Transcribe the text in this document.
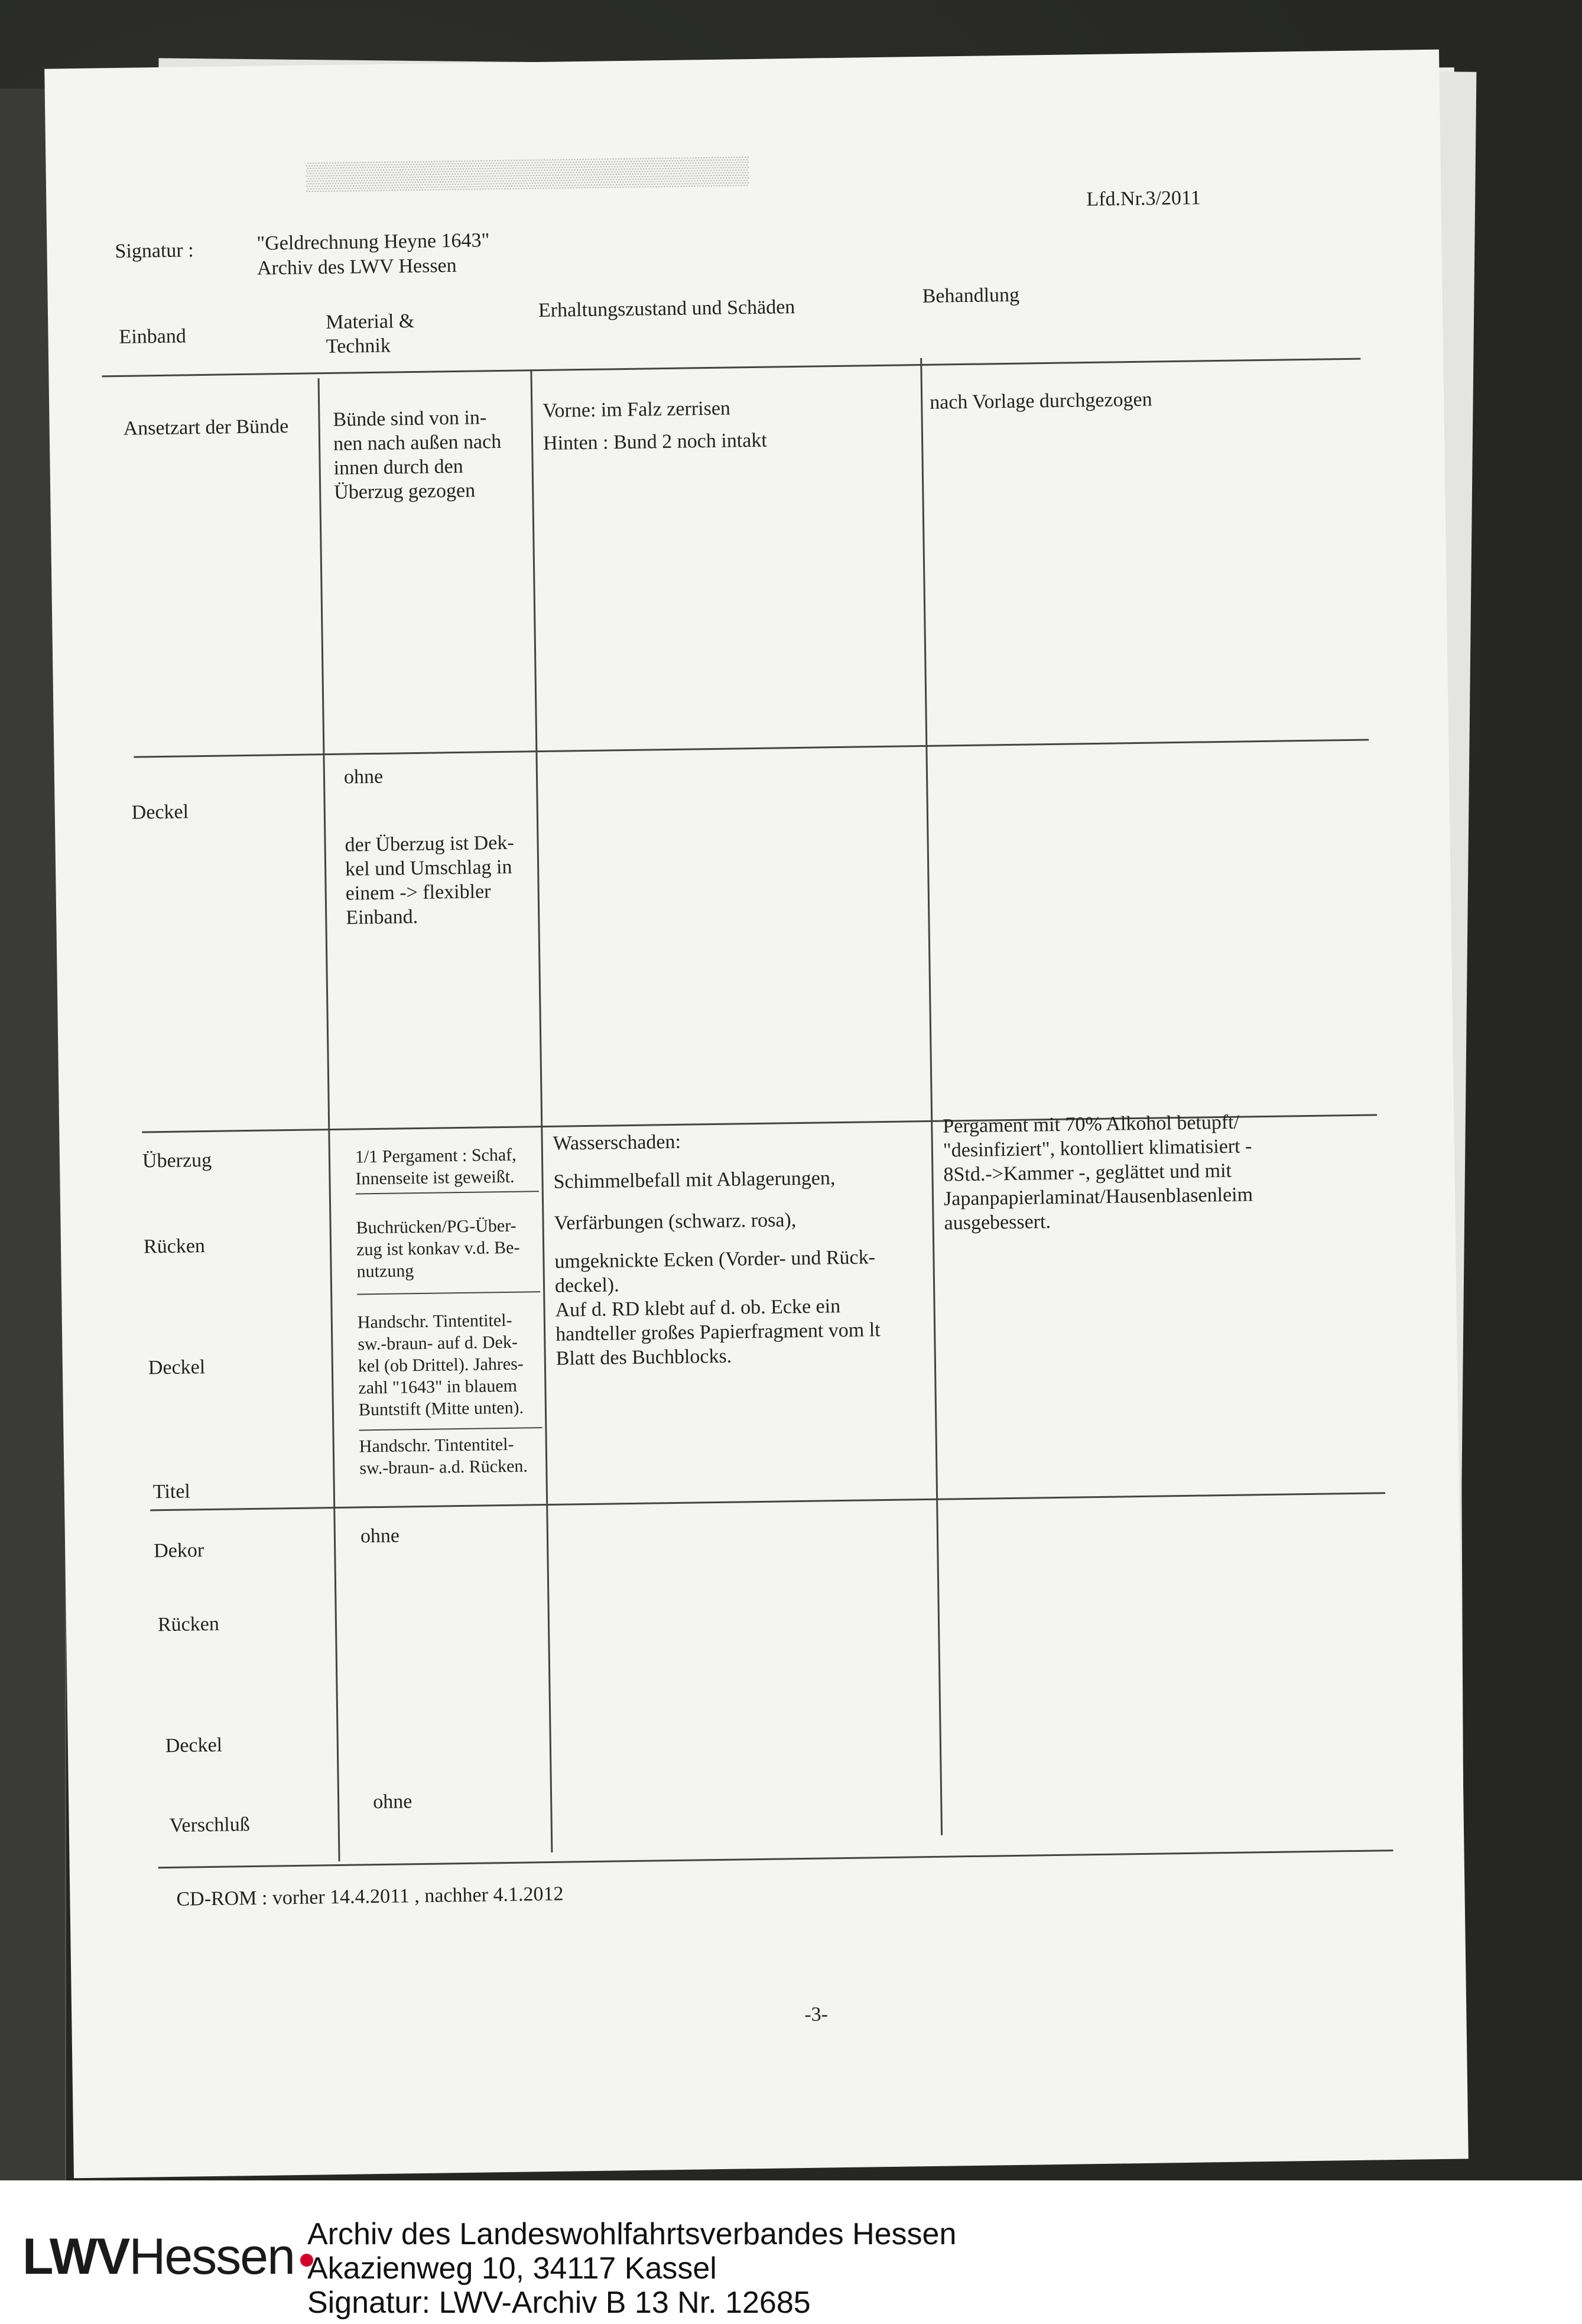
▒▒▒▒▒▒▒▒▒▒▒▒▒▒▒▒▒▒▒▒▒▒▒
Lfd.Nr.3/2011
Signatur :	"Geldrechnung Heyne 1643"
Archiv des LWV Hessen
Einband
Material &
Technik
Erhaltungszustand und Schäden
Behandlung
Ansetzart der Bünde Bünde sind von in-
nen nach außen nach
innen durch den
Überzug gezogen
Vorne: im Falz zerrisen
Hinten : Bund 2 noch intakt
nach Vorlage durchgezogen
Deckel
ohne
der Überzug ist Dek-
kel und Umschlag in
einem -> flexibler
Einband.
Überzug
Rücken
Deckel
Titel
1/1 Pergament : Schaf,
Innenseite ist geweißt.
Buchrücken/PG-Über-
zug ist konkav v.d. Be-
nutzung
Handschr. Tintentitel-
sw.-braun- auf d. Dek-
kel (ob Drittel). Jahres-
zahl "1643" in blauem
Buntstift (Mitte unten).
Handschr. Tintentitel-
sw.-braun- a.d. Rücken.
Wasserschaden:
Schimmelbefall mit Ablagerungen,
Verfärbungen (schwarz. rosa),
umgeknickte Ecken (Vorder- und Rück-
deckel).
Auf d. RD klebt auf d. ob. Ecke ein
handteller großes Papierfragment vom lt
Blatt des Buchblocks.
Pergament mit 70% Alkohol betupft/
"desinfiziert", kontolliert klimatisiert -
8Std.->Kammer -, geglättet und mit
Japanpapierlaminat/Hausenblasenleim
ausgebessert.
Dekor
ohne
Rücken
Deckel
ohne
Verschluß
CD-ROM : vorher 14.4.2011 , nachher 4.1.2012
-3-
LWVHessen Archiv des Landeswohlfahrtsverbandes Hessen
Akazienweg 10, 34117 Kassel
Signatur: LWV-Archiv B 13 Nr. 12685
